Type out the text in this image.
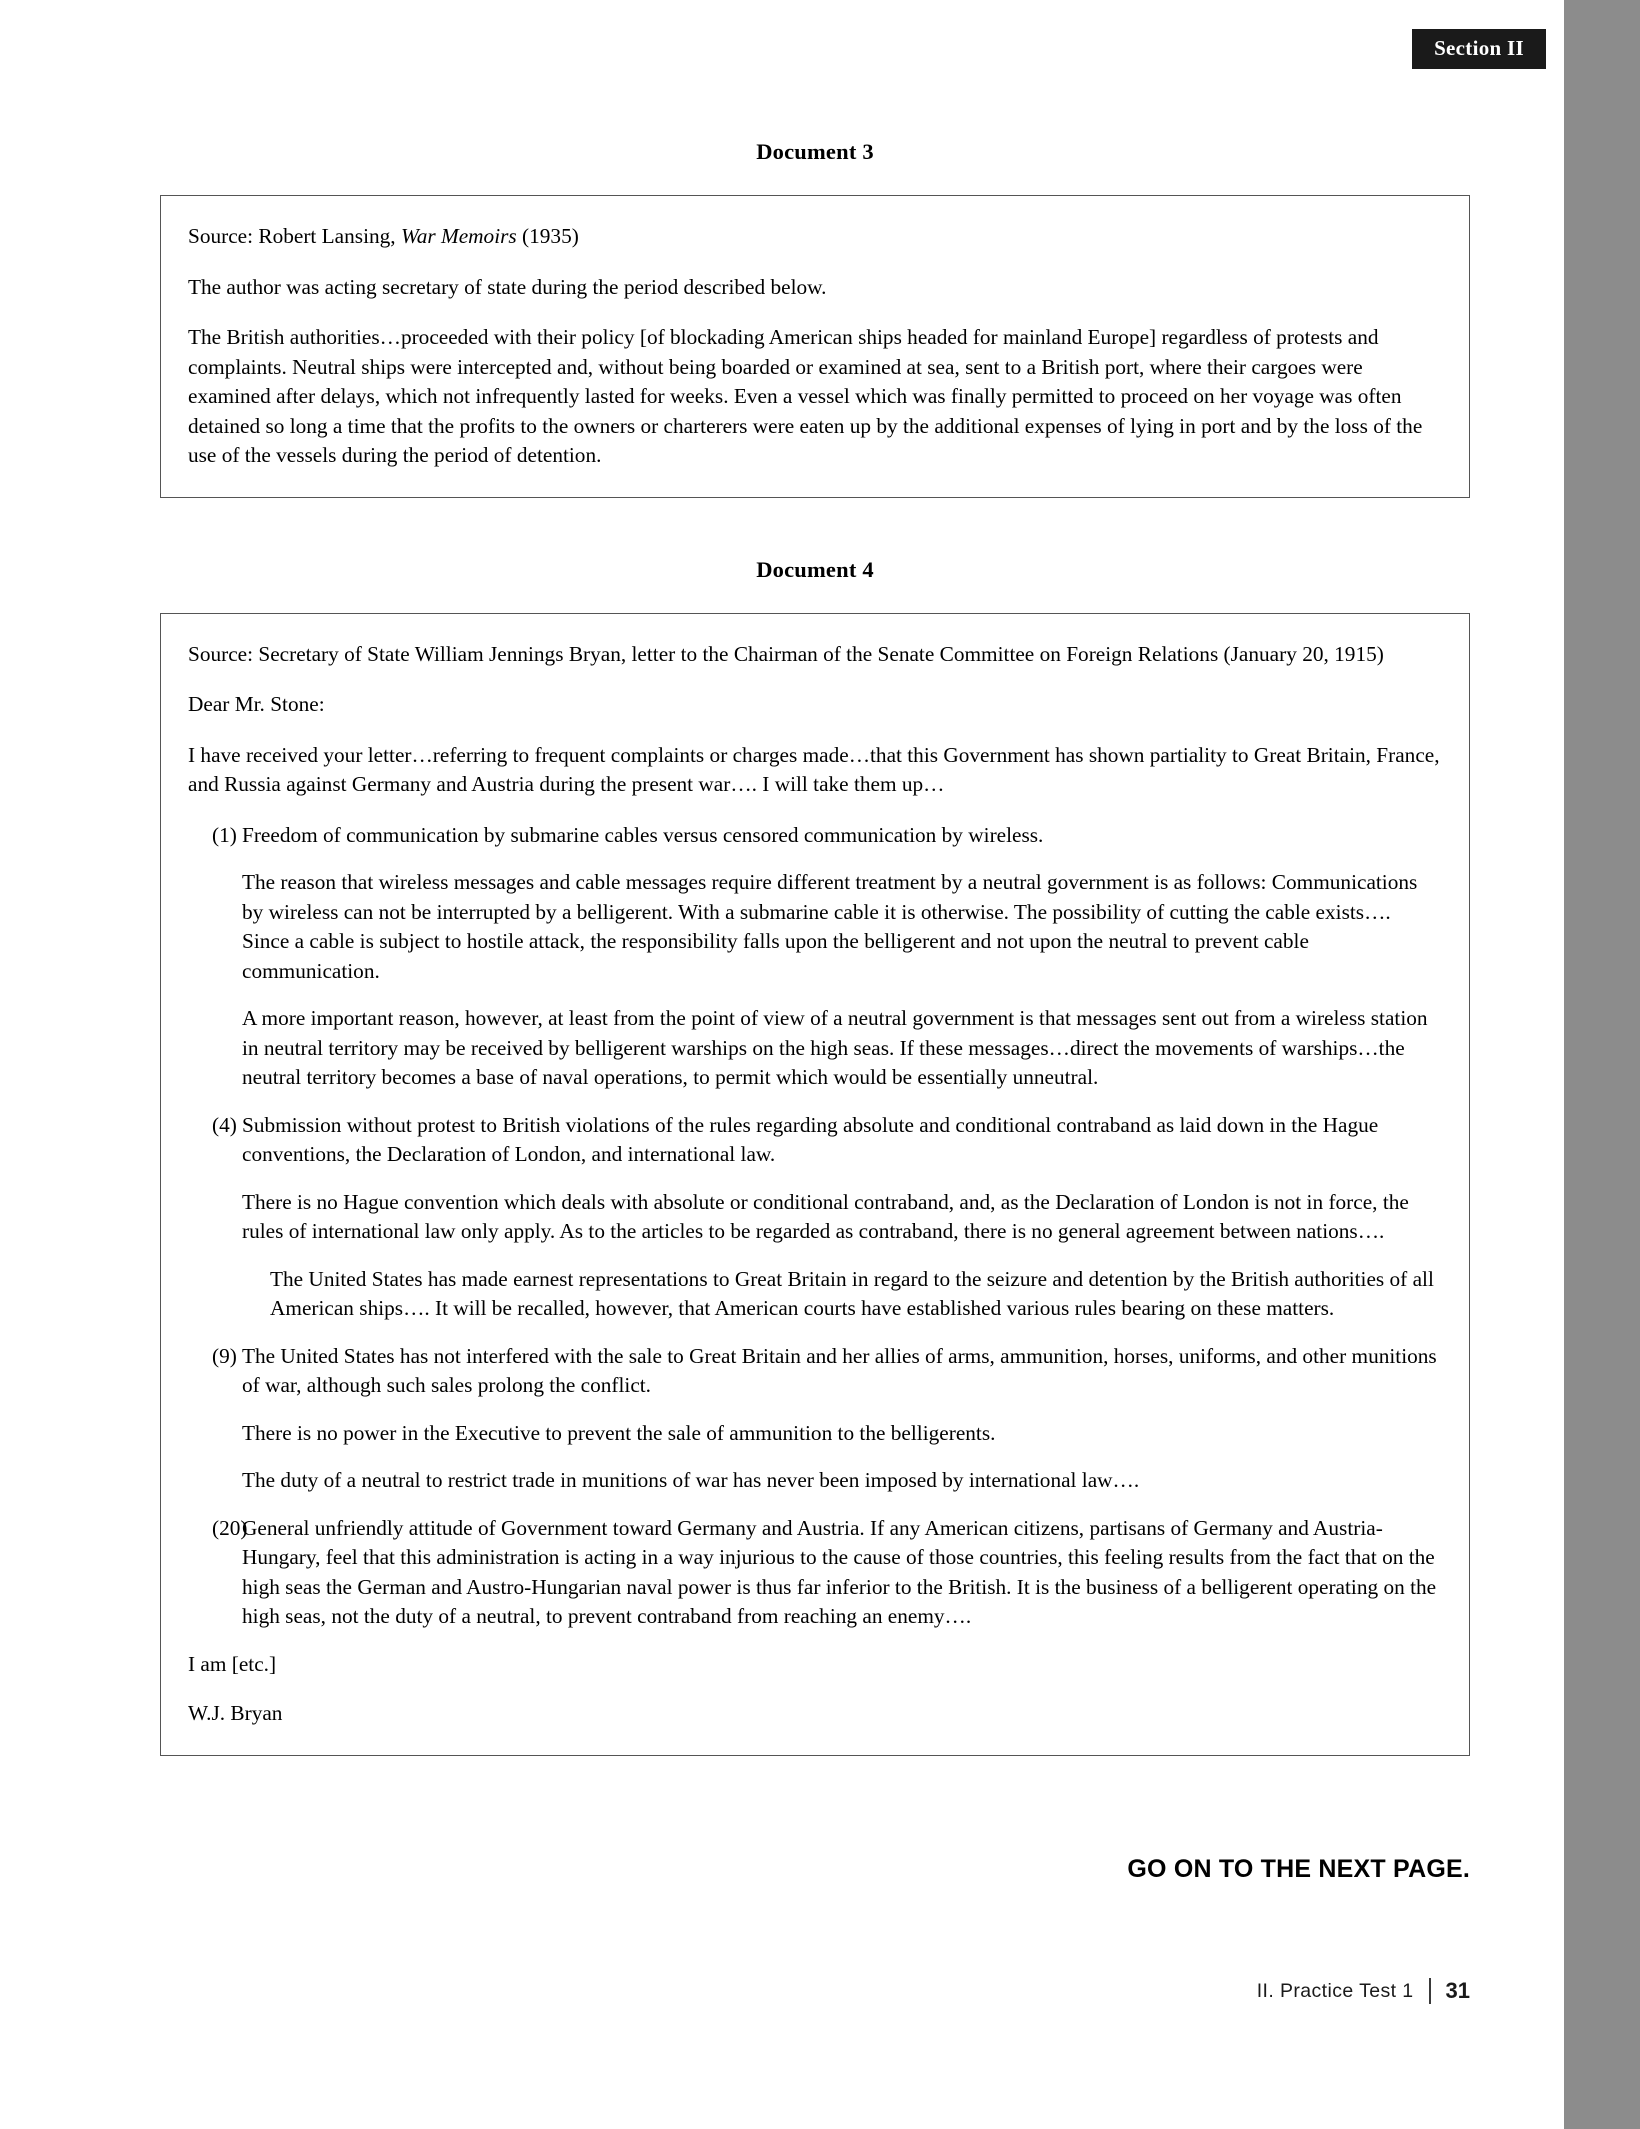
Section II
Document 3

Source: Robert Lansing, War Memoirs (1935)

The author was acting secretary of state during the period described below.

The British authorities…proceeded with their policy [of blockading American ships headed for mainland Europe] regardless of protests and complaints. Neutral ships were intercepted and, without being boarded or examined at sea, sent to a British port, where their cargoes were examined after delays, which not infrequently lasted for weeks. Even a vessel which was finally permitted to proceed on her voyage was often detained so long a time that the profits to the owners or charterers were eaten up by the additional expenses of lying in port and by the loss of the use of the vessels during the period of detention.

Document 4

Source: Secretary of State William Jennings Bryan, letter to the Chairman of the Senate Committee on Foreign Relations (January 20, 1915)

Dear Mr. Stone:

I have received your letter…referring to frequent complaints or charges made…that this Government has shown partiality to Great Britain, France, and Russia against Germany and Austria during the present war…. I will take them up…

(1) Freedom of communication by submarine cables versus censored communication by wireless.

The reason that wireless messages and cable messages require different treatment by a neutral government is as follows: Communications by wireless can not be interrupted by a belligerent. With a submarine cable it is otherwise. The possibility of cutting the cable exists…. Since a cable is subject to hostile attack, the responsibility falls upon the belligerent and not upon the neutral to prevent cable communication.

A more important reason, however, at least from the point of view of a neutral government is that messages sent out from a wireless station in neutral territory may be received by belligerent warships on the high seas. If these messages…direct the movements of warships…the neutral territory becomes a base of naval operations, to permit which would be essentially unneutral.

(4) Submission without protest to British violations of the rules regarding absolute and conditional contraband as laid down in the Hague conventions, the Declaration of London, and international law.

There is no Hague convention which deals with absolute or conditional contraband, and, as the Declaration of London is not in force, the rules of international law only apply. As to the articles to be regarded as contraband, there is no general agreement between nations….

The United States has made earnest representations to Great Britain in regard to the seizure and detention by the British authorities of all American ships…. It will be recalled, however, that American courts have established various rules bearing on these matters.

(9) The United States has not interfered with the sale to Great Britain and her allies of arms, ammunition, horses, uniforms, and other munitions of war, although such sales prolong the conflict.

There is no power in the Executive to prevent the sale of ammunition to the belligerents.

The duty of a neutral to restrict trade in munitions of war has never been imposed by international law….

(20)
General unfriendly attitude of Government toward Germany and Austria. If any American citizens, partisans of Germany and Austria-Hungary, feel that this administration is acting in a way injurious to the cause of those countries, this feeling results from the fact that on the high seas the German and Austro-Hungarian naval power is thus far inferior to the British. It is the business of a belligerent operating on the high seas, not the duty of a neutral, to prevent contraband from reaching an enemy….

I am [etc.]

W.J. Bryan

GO ON TO THE NEXT PAGE.
II. Practice Test 1 31
